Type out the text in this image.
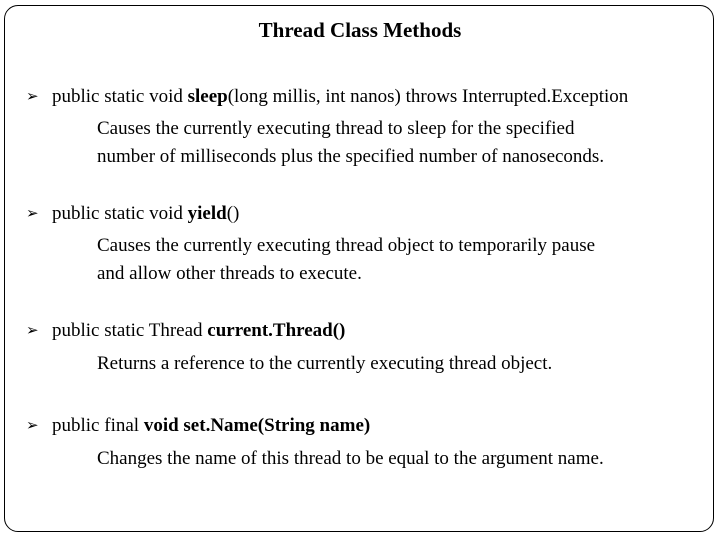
Thread Class Methods
➢ public static void sleep(long millis, int nanos) throws Interrupted.Exception
Causes the currently executing thread to sleep for the specified
number of milliseconds plus the specified number of nanoseconds.
➢ public static void yield()
Causes the currently executing thread object to temporarily pause
and allow other threads to execute.
➢ public static Thread current.Thread()
Returns a reference to the currently executing thread object.
➢ public final void set.Name(String name)
Changes the name of this thread to be equal to the argument name.
